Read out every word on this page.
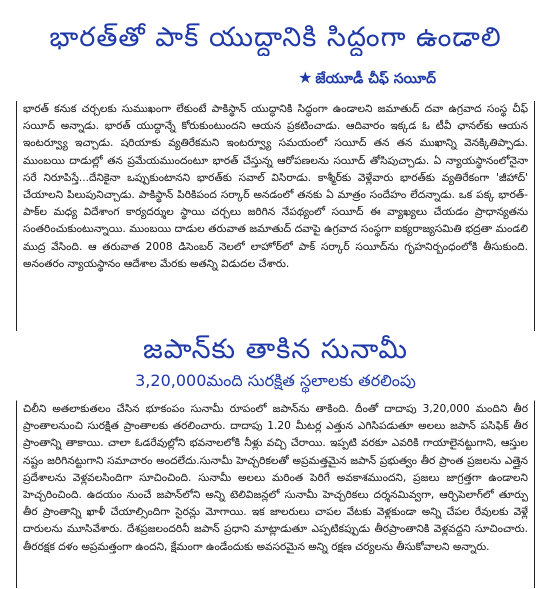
భారత్‌తో పాక్ యుద్ధానికి సిద్ధంగా ఉండాలి
★ జేయూడీ చీఫ్ సయీద్

భారత్ కనుక చర్చలకు సుముఖంగా లేకుంటే పాకిస్థాన్ యుద్ధానికి సిద్ధంగా ఉండాలని జమాతుద్ దవా ఉగ్రవాద సంస్థ చీఫ్ సయీద్ అన్నాడు. భారత్ యుద్ధాన్నే కోరుకుంటుందని ఆయన ప్రకటించాడు. ఆదివారం ఇక్కడ ఓ టీవీ ఛానల్‌కు ఆయన ఇంటర్వ్యూ ఇచ్చాడు. షరియాకు వ్యతిరేకమని ఇంటర్వ్యూ సమయంలో సయీద్ తన తన ముఖాన్ని వెనక్కితిప్పాడు. ముంబయి దాడుల్లో తన ప్రమేయముందంటూ భారత్ చేస్తున్న ఆరోపణలను సయీద్ తోసిపుచ్చాడు. ఏ న్యాయస్థానంలోనైనా సరే నిరూపిస్తే...దేనికైనా ఒప్పుకుంటానని భారత్‌కు సవాల్ విసిరాడు. కాశ్మీర్‌కు వెళ్లేవారు భారత్‌కు వ్యతిరేకంగా 'జీహాద్' చేయాలని పిలుపునిచ్చాడు. పాకిస్థాన్ పిరికిపంద సర్కార్ అనడంలో తనకు ఏ మాత్రం సందేహం లేదన్నాడు. ఒక పక్క భారత్-పాక్‌ల మధ్య విదేశాంగ కార్యదర్శుల స్థాయి చర్చలు జరిగిన నేపథ్యంలో సయీద్ ఈ వ్యాఖ్యలు చేయడం ప్రాధాన్యతను సంతరించుకుంటున్నాయి. ముంబయి దాడుల తరువాత జమాతుద్ దవాపై ఉగ్రవాద సంస్థగా ఐక్యరాజ్యసమితి భద్రతా మండలి ముద్ర వేసింది. ఆ తరువాత 2008 డిసెంబర్ నెలలో లాహోర్‌లో పాక్ సర్కార్ సయీద్‌ను గృహనిర్బంధంలోకి తీసుకుంది. అనంతరం న్యాయస్థానం ఆదేశాల మేరకు అతన్ని విడుదల చేశారు.

జపాన్‌కు తాకిన సునామీ
3,20,000మంది సురక్షిత స్థలాలకు తరలింపు

చిలీని అతలాకుతలం చేసిన భూకంపం సునామీ రూపంలో జపాన్‌ను తాకింది. దీంతో దాదాపు 3,20,000 మందిని తీర ప్రాంతాలనుంచి సురక్షిత ప్రాంతాలకు తరలించారు. దాదాపు 1.20 మీటర్ల ఎత్తున ఎగిసిపడుతూ అలలు జపాన్ పసిఫిక్ తీర ప్రాంతాన్ని తాకాయి. చాలా ఓడరేవుల్లోని భవనాలలోకి నీళ్లు వచ్చి చేరాయి. ఇప్పటి వరకూ ఎవరికి గాయాలైనట్టుగాని, ఆస్తుల నష్టం జరిగినట్టుగాని సమాచారం అందలేదు.సునామీ హెచ్చరికలతో అప్రమత్తమైన జపాన్ ప్రభుత్వం తీర ప్రాంత ప్రజలను ఎత్తైన ప్రదేశాలను వెళ్లవలసిందిగా సూచించింది. సునామీ అలలు మరింత పెరిగే అవకాశముందని, ప్రజలు జాగ్రత్తగా ఉండాలని హెచ్చరించింది. ఉదయం నుంచే జపాన్‌లోని అన్ని టెలివిజన్లలో సునామీ హెచ్చరికలు దర్శనమివ్వగా, ఆర్చిపెలాగ్‌లో తూర్పు తీర ప్రాంతాన్ని ఖాళీ చేయాల్సిందిగా సైరన్లు మోగాయి. ఇక జాలరులు చాపల వేటకు వెళ్లకుండా అన్ని చేపల రేవులకు వెళ్లే దారులను మూసివేశారు. దేశప్రజలందరినీ జపాన్ ప్రధాని మాట్లాడుతూ ఎప్పటికప్పుడు తీరప్రాంతానికి వెళ్లవద్దని సూచించారు. తీరరక్షక దళం అప్రమత్తంగా ఉందని, క్షేమంగా ఉండేందుకు అవసరమైన అన్ని రక్షణ చర్యలను తీసుకోవాలని అన్నారు.
